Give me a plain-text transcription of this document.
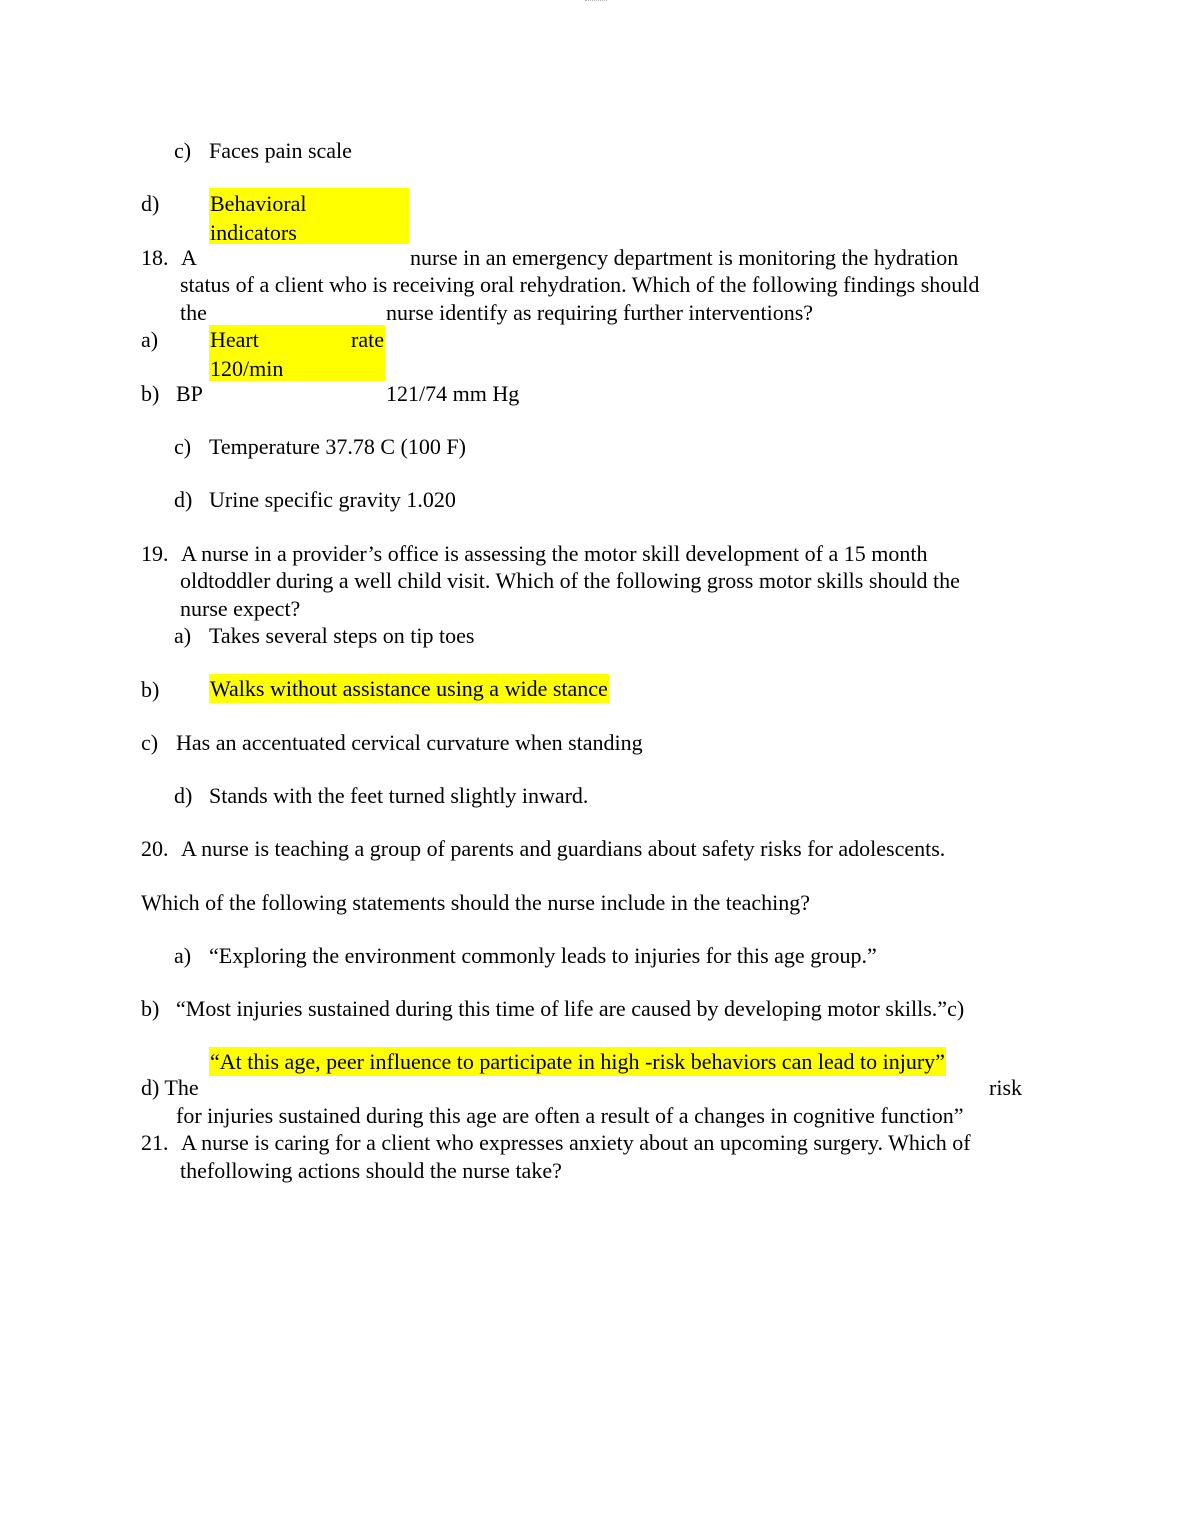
c) Faces pain scale
d) Behavioral
indicators
18. A	nurse in an emergency department is monitoring the hydration
status of a client who is receiving oral rehydration. Which of the following findings should
the	nurse identify as requiring further interventions?
a) Heart	rate
120/min
b) BP	121/74 mm Hg
c) Temperature 37.78 C (100 F)
d) Urine specific gravity 1.020
19. A nurse in a provider’s office is assessing the motor skill development of a 15 month
oldtoddler during a well child visit. Which of the following gross motor skills should the
nurse expect?
a) Takes several steps on tip toes
b) Walks without assistance using a wide stance
c) Has an accentuated cervical curvature when standing
d) Stands with the feet turned slightly inward.
20. A nurse is teaching a group of parents and guardians about safety risks for adolescents.
Which of the following statements should the nurse include in the teaching?
a) “Exploring the environment commonly leads to injuries for this age group.”
b) “Most injuries sustained during this time of life are caused by developing motor skills.”c)
“At this age, peer influence to participate in high -risk behaviors can lead to injury”
d) The	risk
for injuries sustained during this age are often a result of a changes in cognitive function”
21. A nurse is caring for a client who expresses anxiety about an upcoming surgery. Which of
thefollowing actions should the nurse take?
